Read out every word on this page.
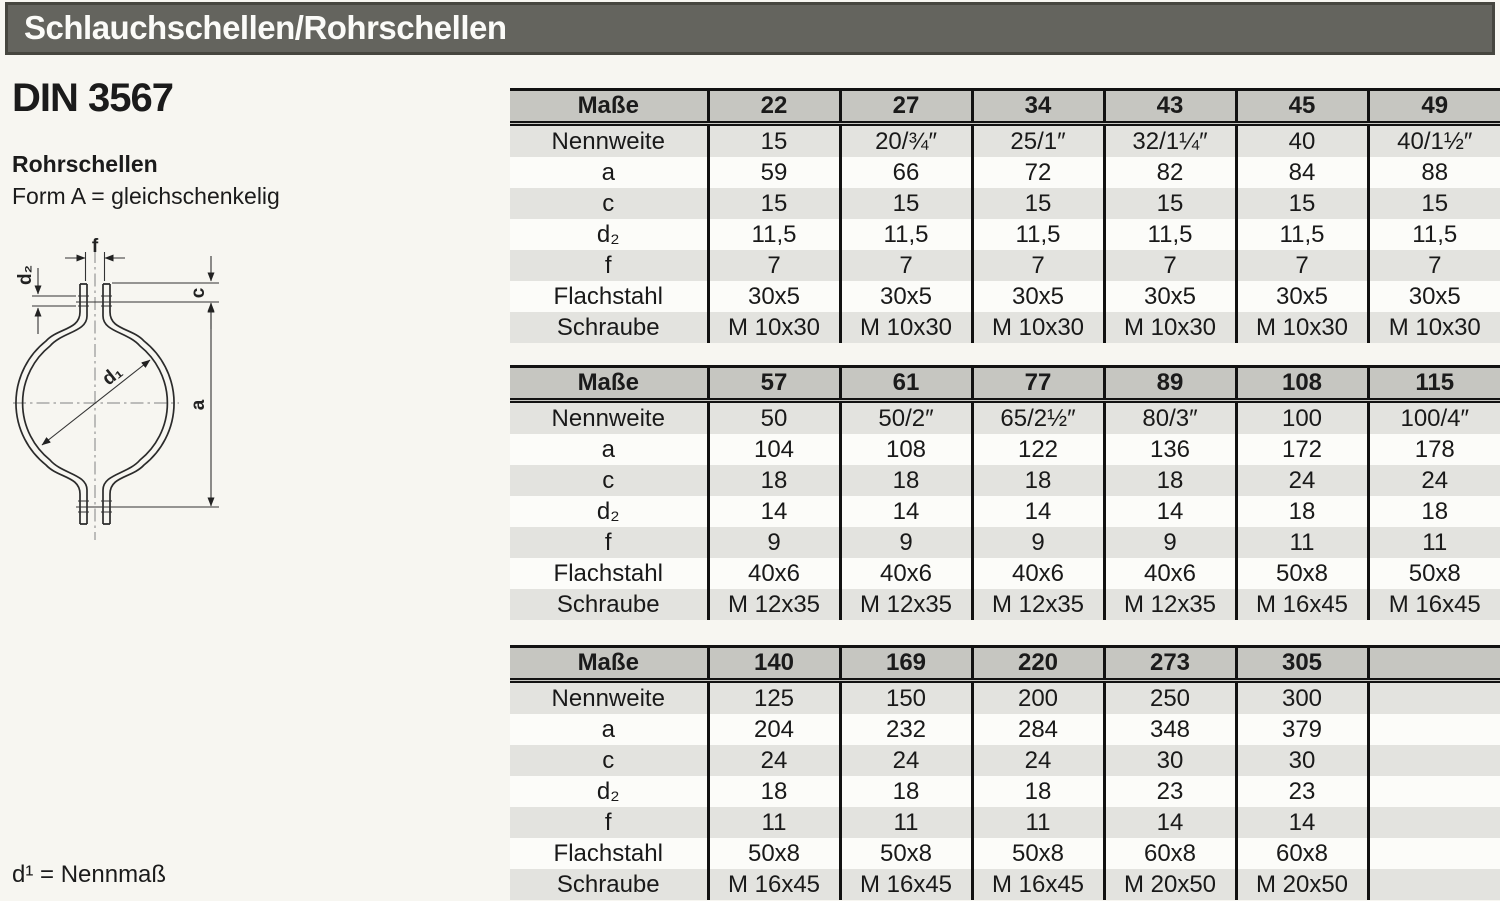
Schlauchschellen/Rohrschellen
DIN 3567
Rohrschellen
Form A = gleichschenkelig
d¹ = Nennmaß
f
d₂
c
a
d₁
Maße	22	27	34	43	45	49
Nennweite	15	20/¾″	25/1″	32/1¼″	40	40/1½″
a	59	66	72	82	84	88
c	15	15	15	15	15	15
d₂	11,5	11,5	11,5	11,5	11,5	11,5
f	7	7	7	7	7	7
Flachstahl	30x5	30x5	30x5	30x5	30x5	30x5
Schraube	M 10x30	M 10x30	M 10x30	M 10x30	M 10x30	M 10x30
Maße	57	61	77	89	108	115
Nennweite	50	50/2″	65/2½″	80/3″	100	100/4″
a	104	108	122	136	172	178
c	18	18	18	18	24	24
d₂	14	14	14	14	18	18
f	9	9	9	9	11	11
Flachstahl	40x6	40x6	40x6	40x6	50x8	50x8
Schraube	M 12x35	M 12x35	M 12x35	M 12x35	M 16x45	M 16x45
Maße	140	169	220	273	305	
Nennweite	125	150	200	250	300	
a	204	232	284	348	379	
c	24	24	24	30	30	
d₂	18	18	18	23	23	
f	11	11	11	14	14	
Flachstahl	50x8	50x8	50x8	60x8	60x8	
Schraube	M 16x45	M 16x45	M 16x45	M 20x50	M 20x50	
